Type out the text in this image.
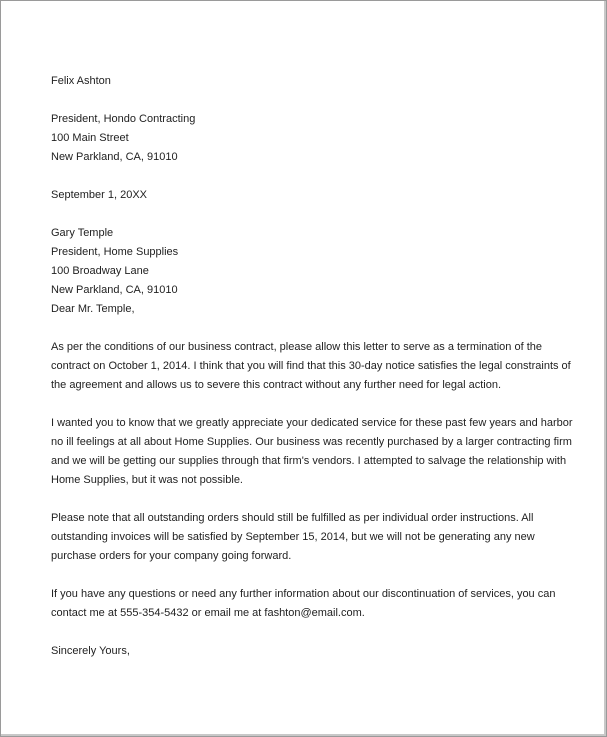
Felix Ashton

President, Hondo Contracting

100 Main Street

New Parkland, CA, 91010

September 1, 20XX

Gary Temple

President, Home Supplies

100 Broadway Lane

New Parkland, CA, 91010

Dear Mr. Temple,

As per the conditions of our business contract, please allow this letter to serve as a termination of the

contract on October 1, 2014. I think that you will find that this 30-day notice satisfies the legal constraints of

the agreement and allows us to severe this contract without any further need for legal action.

I wanted you to know that we greatly appreciate your dedicated service for these past few years and harbor

no ill feelings at all about Home Supplies. Our business was recently purchased by a larger contracting firm

and we will be getting our supplies through that firm's vendors. I attempted to salvage the relationship with

Home Supplies, but it was not possible.

Please note that all outstanding orders should still be fulfilled as per individual order instructions. All

outstanding invoices will be satisfied by September 15, 2014, but we will not be generating any new

purchase orders for your company going forward.

If you have any questions or need any further information about our discontinuation of services, you can

contact me at 555-354-5432 or email me at fashton@email.com.

Sincerely Yours,
